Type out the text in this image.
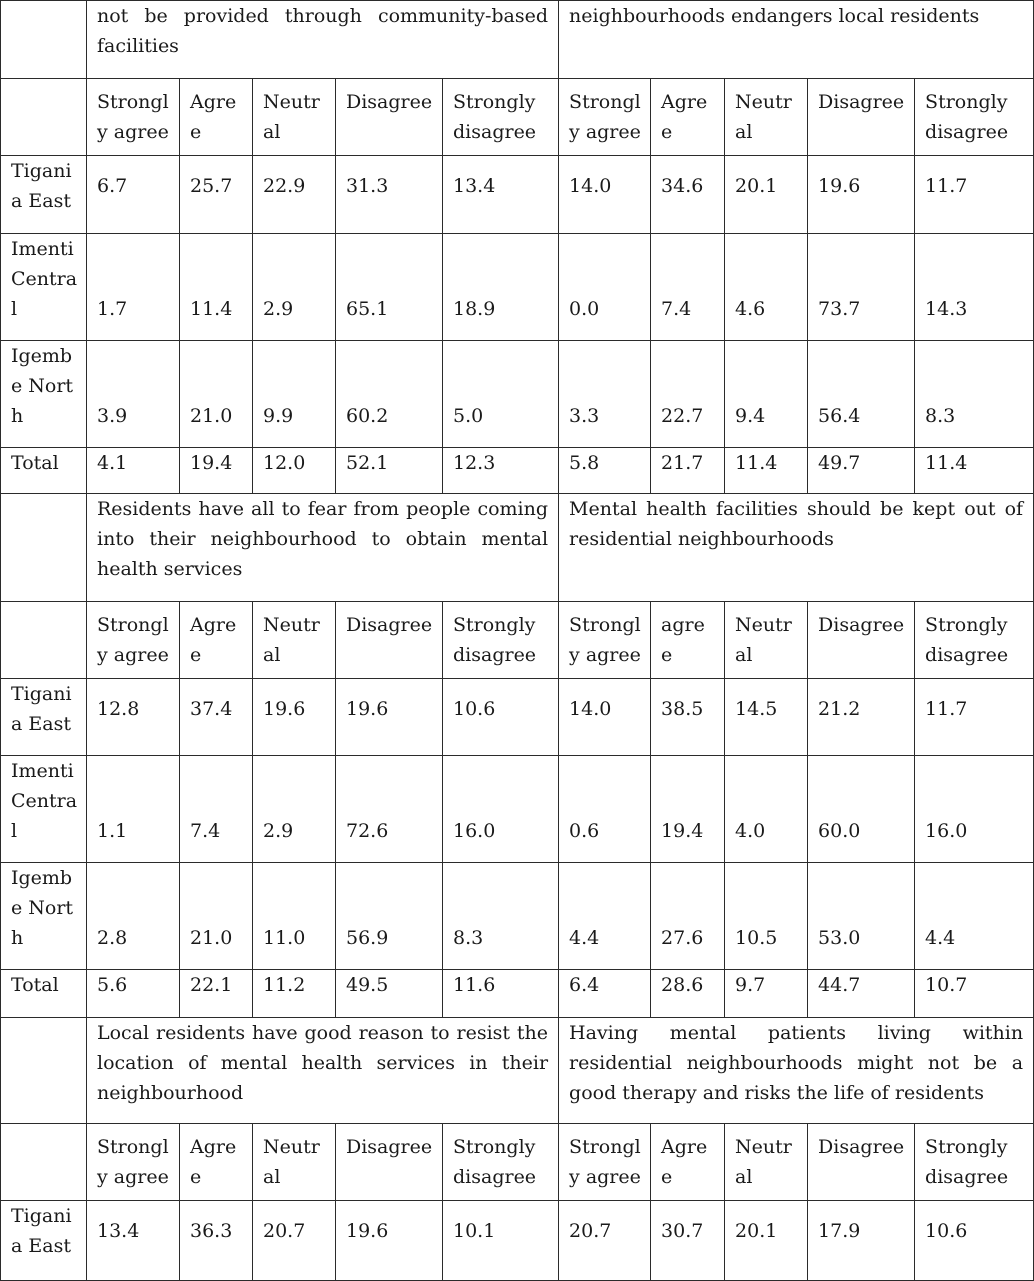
	not be provided through community-based facilities					neighbourhoods endangers local residents				
	Strongly agree	Agree	Neutral	Disagree	Strongly disagree	Strongly agree	Agree	Neutral	Disagree	Strongly disagree
Tigania East	6.7	25.7	22.9	31.3	13.4	14.0	34.6	20.1	19.6	11.7
Imenti Central	1.7	11.4	2.9	65.1	18.9	0.0	7.4	4.6	73.7	14.3
Igembe North	3.9	21.0	9.9	60.2	5.0	3.3	22.7	9.4	56.4	8.3
Total	4.1	19.4	12.0	52.1	12.3	5.8	21.7	11.4	49.7	11.4
	Residents have all to fear from people coming into their neighbourhood to obtain mental health services					Mental health facilities should be kept out of residential neighbourhoods				
	Strongly agree	Agree	Neutral	Disagree	Strongly disagree	Strongly agree	agree	Neutral	Disagree	Strongly disagree
Tigania East	12.8	37.4	19.6	19.6	10.6	14.0	38.5	14.5	21.2	11.7
Imenti Central	1.1	7.4	2.9	72.6	16.0	0.6	19.4	4.0	60.0	16.0
Igembe North	2.8	21.0	11.0	56.9	8.3	4.4	27.6	10.5	53.0	4.4
Total	5.6	22.1	11.2	49.5	11.6	6.4	28.6	9.7	44.7	10.7
	Local residents have good reason to resist the location of mental health services in their neighbourhood					Having mental patients living within residential neighbourhoods might not be a good therapy and risks the life of residents				
	Strongly agree	Agree	Neutral	Disagree	Strongly disagree	Strongly agree	Agree	Neutral	Disagree	Strongly disagree
Tigania East	13.4	36.3	20.7	19.6	10.1	20.7	30.7	20.1	17.9	10.6
